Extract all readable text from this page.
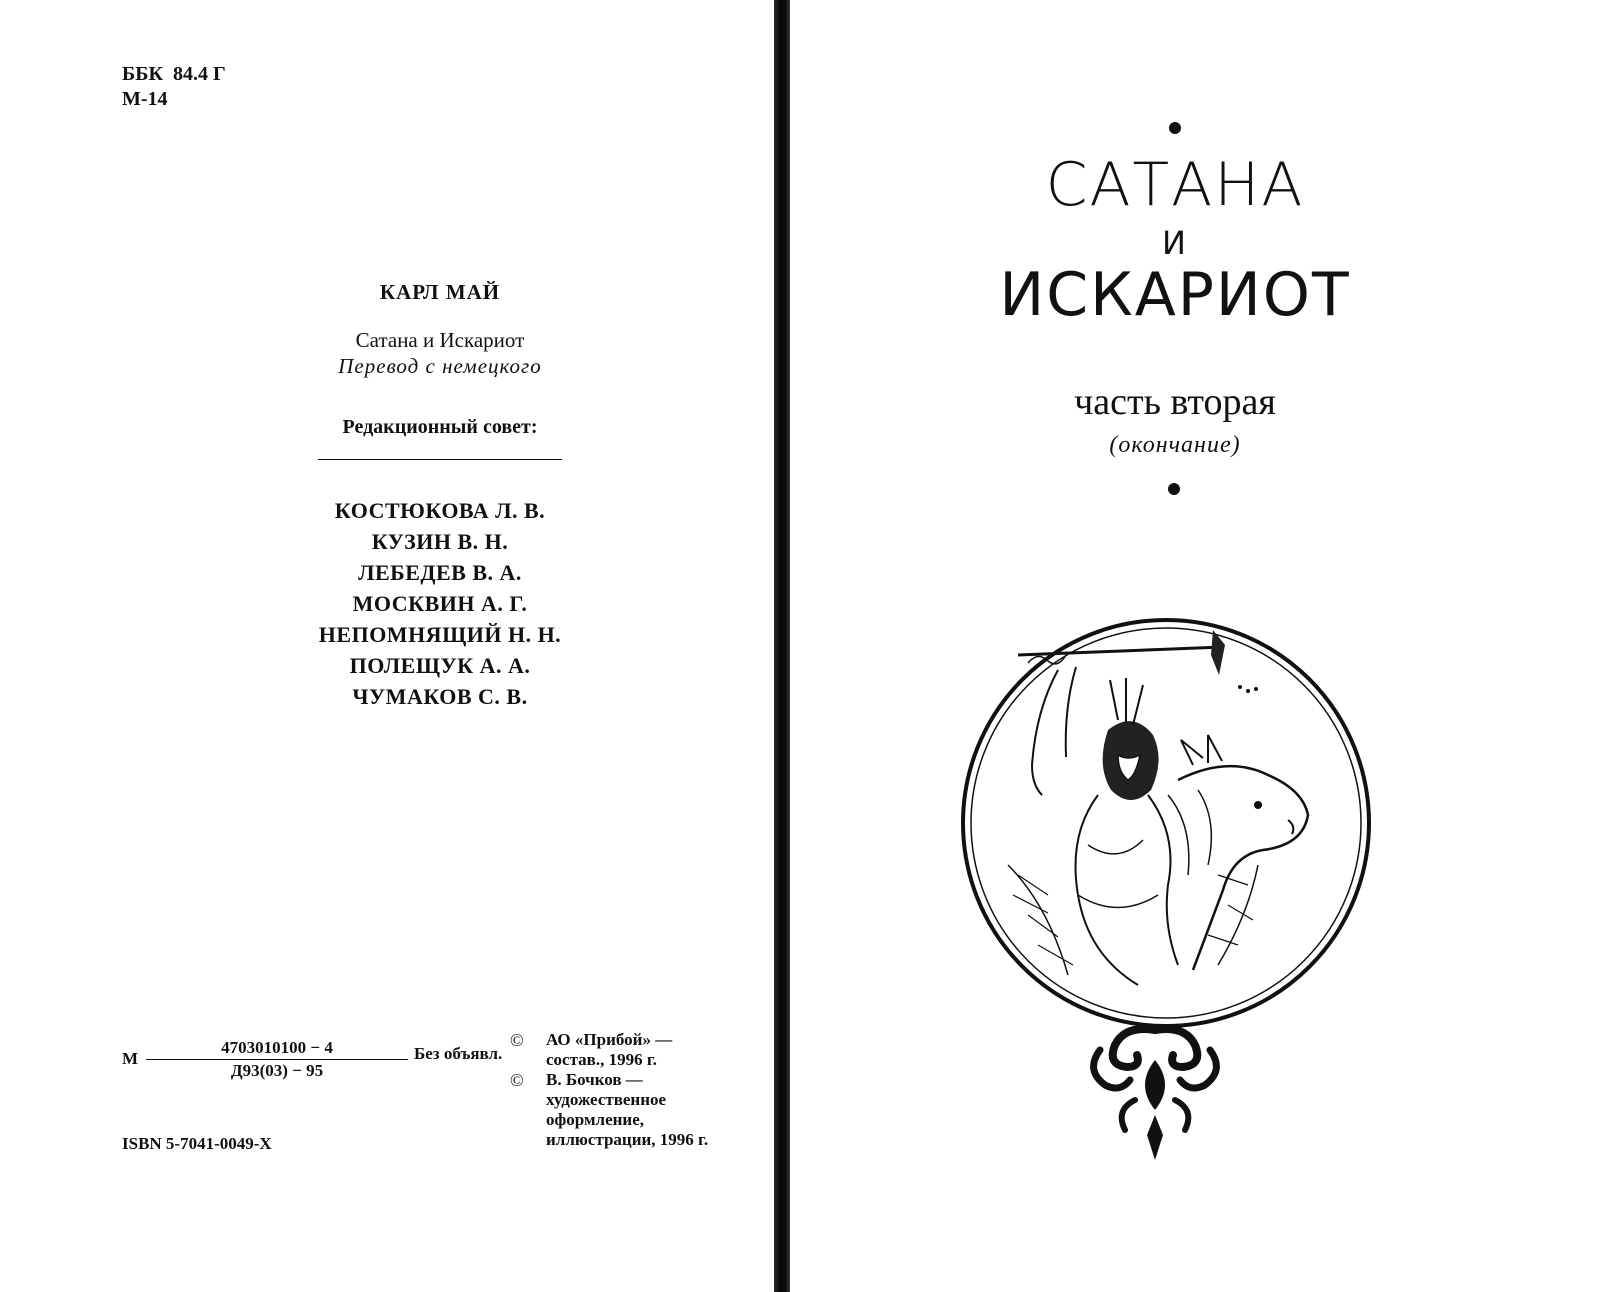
ББК  84.4 Г
М-14
КАРЛ МАЙ
Сатана и Искариот
Перевод с немецкого
Редакционный совет:
КОСТЮКОВА Л. В.
КУЗИН В. Н.
ЛЕБЕДЕВ В. А.
МОСКВИН А. Г.
НЕПОМНЯЩИЙ Н. Н.
ПОЛЕЩУК А. А.
ЧУМАКОВ С. В.
М
4703010100 − 4
Д93(03) − 95
Без объявл.
ISBN 5-7041-0049-X
© АО «Прибой» —
состав., 1996 г.
© В. Бочков —
художественное
оформление,
иллюстрации, 1996 г.
САТАНА
И
ИСКАРИОТ
часть вторая
(окончание)
